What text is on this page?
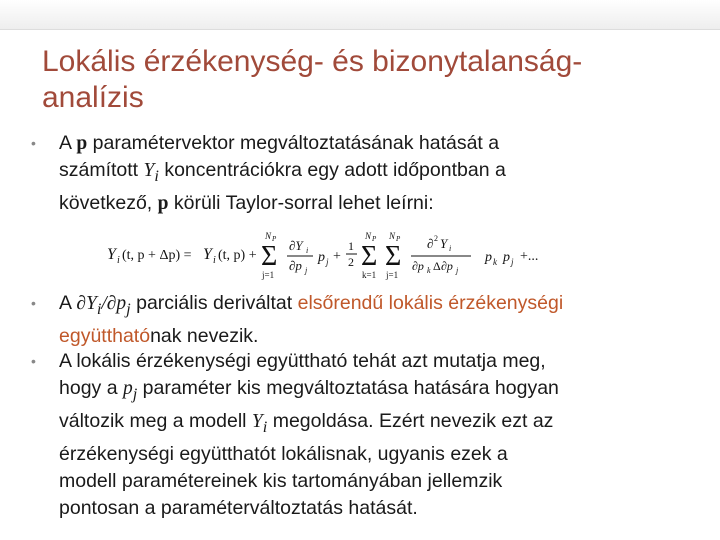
Lokális érzékenység- és bizonytalanság-
analízis
• A p paramétervektor megváltoztatásának hatását a
számított $Y_i$ koncentrációkra egy adott időpontban a
következő, p körüli Taylor-sorral lehet leírni:
• A $\partial Y_i/\partial p_j$ parciális deriváltat elsőrendű lokális érzékenységi
együtthatónak nevezik.
• A lokális érzékenységi együttható tehát azt mutatja meg,
hogy a $p_j$ paraméter kis megváltoztatása hatására hogyan
változik meg a modell $Y_i$ megoldása. Ezért nevezik ezt az
érzékenységi együtthatót lokálisnak, ugyanis ezek a
modell paramétereinek kis tartományában jellemzik
pontosan a paraméterváltoztatás hatását.
Y i (t, p + Δp) = Y i (t, p) +
N P
Σ
j=1
∂Y i
∂p j
p j +
1
2
N P
Σ
k=1
N P
Σ
j=1
∂ 2 Y i
∂p k Δ ∂p j
p k p j +...
